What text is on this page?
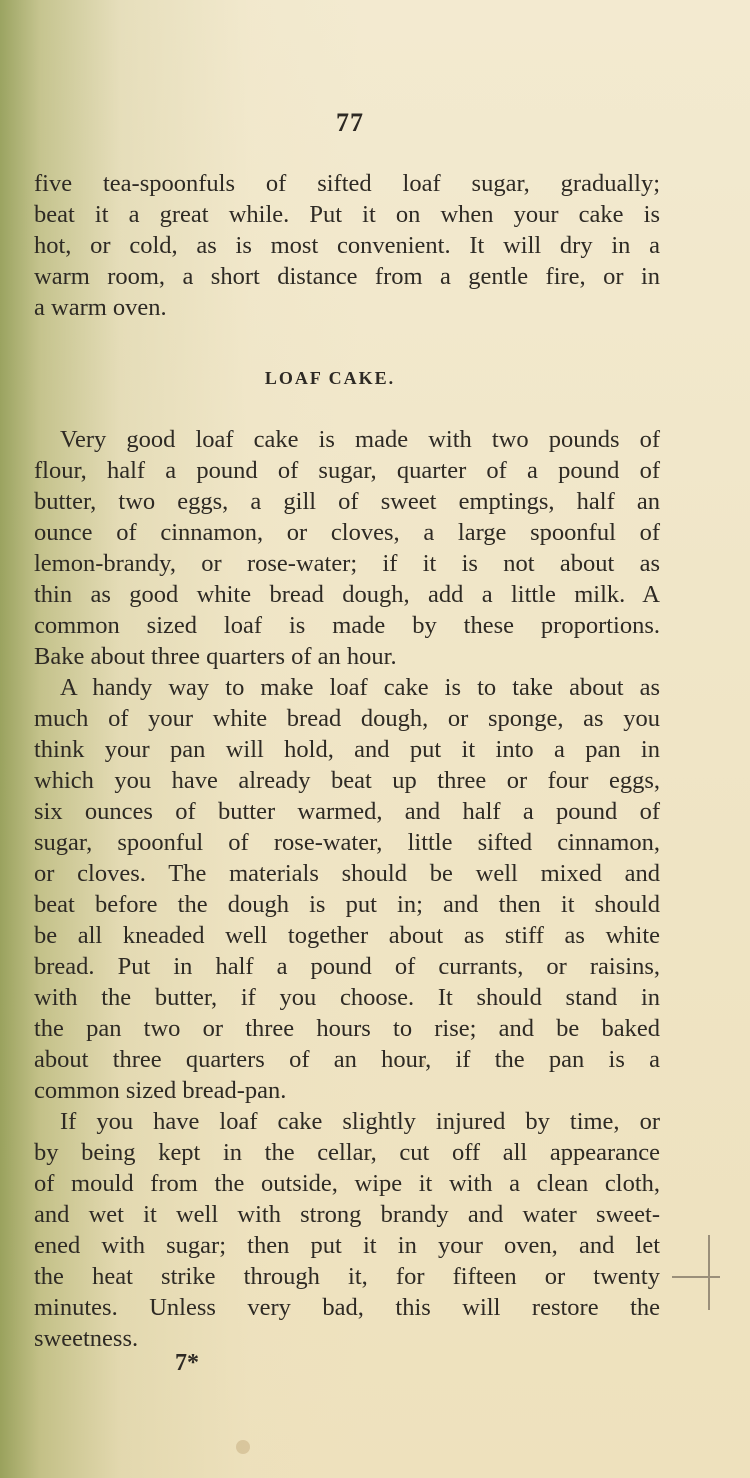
77
five tea-spoonfuls of sifted loaf sugar, gradually;
beat it a great while. Put it on when your cake is
hot, or cold, as is most convenient. It will dry in a
warm room, a short distance from a gentle fire, or in
a warm oven.
LOAF CAKE.
Very good loaf cake is made with two pounds of
flour, half a pound of sugar, quarter of a pound of
butter, two eggs, a gill of sweet emptings, half an
ounce of cinnamon, or cloves, a large spoonful of
lemon-brandy, or rose-water; if it is not about as
thin as good white bread dough, add a little milk. A
common sized loaf is made by these proportions.
Bake about three quarters of an hour.
A handy way to make loaf cake is to take about as
much of your white bread dough, or sponge, as you
think your pan will hold, and put it into a pan in
which you have already beat up three or four eggs,
six ounces of butter warmed, and half a pound of
sugar, spoonful of rose-water, little sifted cinnamon,
or cloves. The materials should be well mixed and
beat before the dough is put in; and then it should
be all kneaded well together about as stiff as white
bread. Put in half a pound of currants, or raisins,
with the butter, if you choose. It should stand in
the pan two or three hours to rise; and be baked
about three quarters of an hour, if the pan is a
common sized bread-pan.
If you have loaf cake slightly injured by time, or
by being kept in the cellar, cut off all appearance
of mould from the outside, wipe it with a clean cloth,
and wet it well with strong brandy and water sweet-
ened with sugar; then put it in your oven, and let
the heat strike through it, for fifteen or twenty
minutes. Unless very bad, this will restore the
sweetness.
7*
